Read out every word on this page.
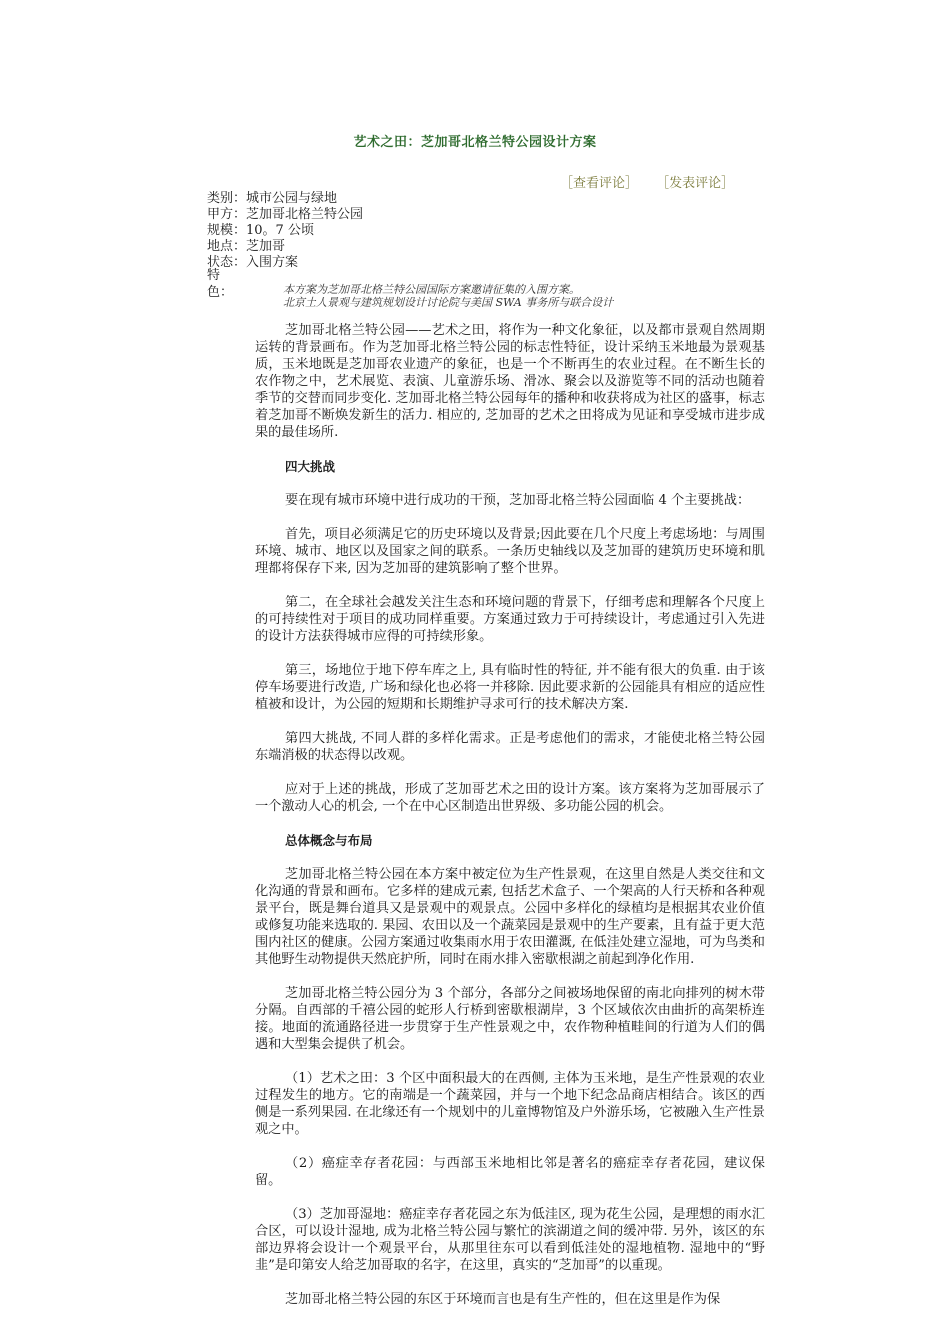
艺术之田：芝加哥北格兰特公园设计方案
［查看评论］ ［发表评论］
类别：城市公园与绿地
甲方：芝加哥北格兰特公园
规模：10。7 公顷
地点：芝加哥
状态：入围方案
特色：	本方案为芝加哥北格兰特公园国际方案邀请征集的入围方案。
北京土人景观与建筑规划设计讨论院与美国 SWA 事务所与联合设计

芝加哥北格兰特公园——艺术之田，将作为一种文化象征，以及都市景观自然周期运转的背景画布。作为芝加哥北格兰特公园的标志性特征，设计采纳玉米地最为景观基质，玉米地既是芝加哥农业遗产的象征，也是一个不断再生的农业过程。在不断生长的农作物之中，艺术展览、表演、儿童游乐场、滑冰、聚会以及游览等不同的活动也随着季节的交替而同步变化. 芝加哥北格兰特公园每年的播种和收获将成为社区的盛事，标志着芝加哥不断焕发新生的活力. 相应的, 芝加哥的艺术之田将成为见证和享受城市进步成果的最佳场所.

四大挑战

要在现有城市环境中进行成功的干预，芝加哥北格兰特公园面临 4 个主要挑战：

首先，项目必须满足它的历史环境以及背景;因此要在几个尺度上考虑场地：与周围环境、城市、地区以及国家之间的联系。一条历史轴线以及芝加哥的建筑历史环境和肌理都将保存下来, 因为芝加哥的建筑影响了整个世界。

第二，在全球社会越发关注生态和环境问题的背景下，仔细考虑和理解各个尺度上的可持续性对于项目的成功同样重要。方案通过致力于可持续设计，考虑通过引入先进的设计方法获得城市应得的可持续形象。

第三，场地位于地下停车库之上, 具有临时性的特征, 并不能有很大的负重. 由于该停车场要进行改造, 广场和绿化也必将一并移除. 因此要求新的公园能具有相应的适应性植被和设计，为公园的短期和长期维护寻求可行的技术解决方案.

第四大挑战, 不同人群的多样化需求。正是考虑他们的需求，才能使北格兰特公园东端消极的状态得以改观。

应对于上述的挑战，形成了芝加哥艺术之田的设计方案。该方案将为芝加哥展示了一个激动人心的机会, 一个在中心区制造出世界级、多功能公园的机会。

总体概念与布局

芝加哥北格兰特公园在本方案中被定位为生产性景观，在这里自然是人类交往和文化沟通的背景和画布。它多样的建成元素, 包括艺术盒子、一个架高的人行天桥和各种观景平台，既是舞台道具又是景观中的观景点。公园中多样化的绿植均是根据其农业价值或修复功能来选取的. 果园、农田以及一个蔬菜园是景观中的生产要素，且有益于更大范围内社区的健康。公园方案通过收集雨水用于农田灌溉, 在低洼处建立湿地，可为鸟类和其他野生动物提供天然庇护所，同时在雨水排入密歇根湖之前起到净化作用.

芝加哥北格兰特公园分为 3 个部分，各部分之间被场地保留的南北向排列的树木带分隔。自西部的千禧公园的蛇形人行桥到密歇根湖岸，3 个区域依次由曲折的高架桥连接。地面的流通路径进一步贯穿于生产性景观之中，农作物种植畦间的行道为人们的偶遇和大型集会提供了机会。

（1）艺术之田：3 个区中面积最大的在西侧, 主体为玉米地，是生产性景观的农业过程发生的地方。它的南端是一个蔬菜园，并与一个地下纪念品商店相结合。该区的西侧是一系列果园. 在北缘还有一个规划中的儿童博物馆及户外游乐场，它被融入生产性景观之中。

（2）癌症幸存者花园：与西部玉米地相比邻是著名的癌症幸存者花园，建议保留。

（3）芝加哥湿地：癌症幸存者花园之东为低洼区, 现为花生公园，是理想的雨水汇合区，可以设计湿地, 成为北格兰特公园与繁忙的滨湖道之间的缓冲带. 另外，该区的东部边界将会设计一个观景平台，从那里往东可以看到低洼处的湿地植物. 湿地中的“野韭”是印第安人给芝加哥取的名字，在这里，真实的“芝加哥”的以重现。

芝加哥北格兰特公园的东区于环境而言也是有生产性的，但在这里是作为保
